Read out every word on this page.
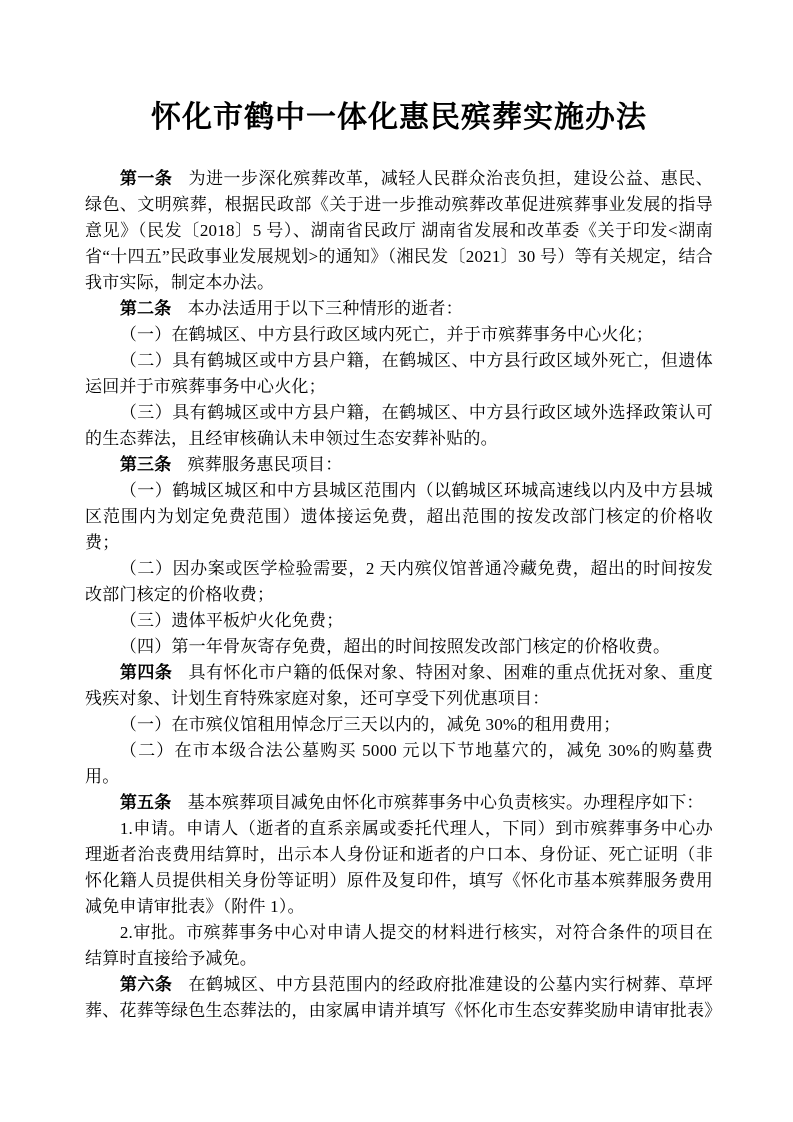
怀化市鹤中一体化惠民殡葬实施办法

第一条 为进一步深化殡葬改革，减轻人民群众治丧负担，建设公益、惠民、绿色、文明殡葬，根据民政部《关于进一步推动殡葬改革促进殡葬事业发展的指导意见》（民发〔2018〕5 号）、湖南省民政厅 湖南省发展和改革委《关于印发<湖南省“十四五”民政事业发展规划>的通知》（湘民发〔2021〕30 号）等有关规定，结合我市实际，制定本办法。

第二条 本办法适用于以下三种情形的逝者：

（一）在鹤城区、中方县行政区域内死亡，并于市殡葬事务中心火化；

（二）具有鹤城区或中方县户籍，在鹤城区、中方县行政区域外死亡，但遗体运回并于市殡葬事务中心火化；

（三）具有鹤城区或中方县户籍，在鹤城区、中方县行政区域外选择政策认可的生态葬法，且经审核确认未申领过生态安葬补贴的。

第三条 殡葬服务惠民项目：

（一）鹤城区城区和中方县城区范围内（以鹤城区环城高速线以内及中方县城区范围内为划定免费范围）遗体接运免费，超出范围的按发改部门核定的价格收费；

（二）因办案或医学检验需要，2 天内殡仪馆普通冷藏免费，超出的时间按发改部门核定的价格收费；

（三）遗体平板炉火化免费；

（四）第一年骨灰寄存免费，超出的时间按照发改部门核定的价格收费。

第四条 具有怀化市户籍的低保对象、特困对象、困难的重点优抚对象、重度残疾对象、计划生育特殊家庭对象，还可享受下列优惠项目：

（一）在市殡仪馆租用悼念厅三天以内的，减免 30%的租用费用；

（二）在市本级合法公墓购买 5000 元以下节地墓穴的，减免 30%的购墓费用。

第五条 基本殡葬项目减免由怀化市殡葬事务中心负责核实。办理程序如下：

1.申请。申请人（逝者的直系亲属或委托代理人，下同）到市殡葬事务中心办理逝者治丧费用结算时，出示本人身份证和逝者的户口本、身份证、死亡证明（非怀化籍人员提供相关身份等证明）原件及复印件，填写《怀化市基本殡葬服务费用减免申请审批表》（附件 1）。

2.审批。市殡葬事务中心对申请人提交的材料进行核实，对符合条件的项目在结算时直接给予减免。

第六条 在鹤城区、中方县范围内的经政府批准建设的公墓内实行树葬、草坪葬、花葬等绿色生态葬法的，由家属申请并填写《怀化市生态安葬奖励申请审批表》
